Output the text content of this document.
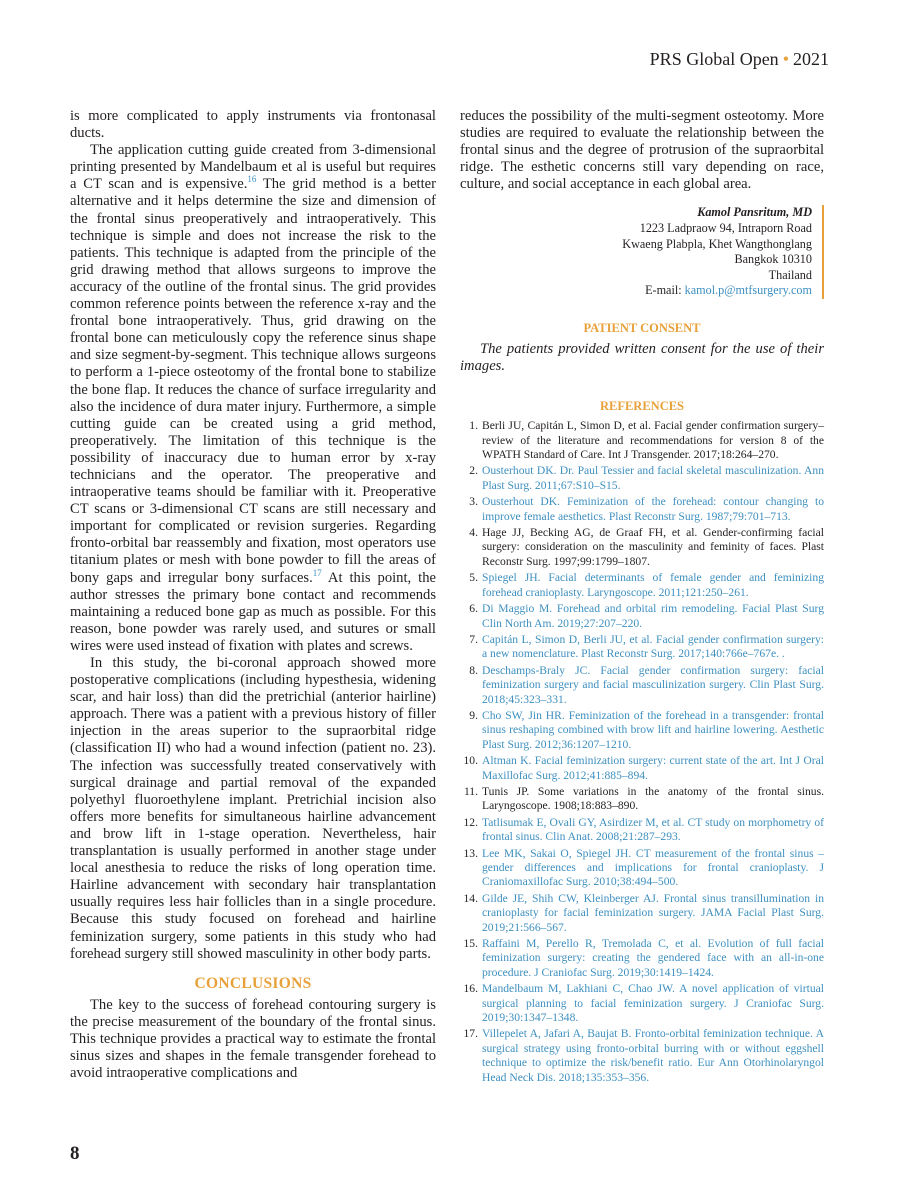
PRS Global Open • 2021

is more complicated to apply instruments via frontonasal ducts.

The application cutting guide created from 3-dimensional printing presented by Mandelbaum et al is useful but requires a CT scan and is expensive.$^{16}$ The grid method is a better alternative and it helps determine the size and dimension of the frontal sinus preoperatively and intraoperatively. This technique is simple and does not increase the risk to the patients. This technique is adapted from the principle of the grid drawing method that allows surgeons to improve the accuracy of the outline of the frontal sinus. The grid provides common reference points between the reference x-ray and the frontal bone intraoperatively. Thus, grid drawing on the frontal bone can meticulously copy the reference sinus shape and size segment-by-segment. This technique allows surgeons to perform a 1-piece osteotomy of the frontal bone to stabilize the bone flap. It reduces the chance of surface irregularity and also the incidence of dura mater injury. Furthermore, a simple cutting guide can be created using a grid method, preoperatively. The limitation of this technique is the possibility of inaccuracy due to human error by x-ray technicians and the operator. The preoperative and intraoperative teams should be familiar with it. Preoperative CT scans or 3-dimensional CT scans are still necessary and important for complicated or revision surgeries. Regarding fronto-orbital bar reassembly and fixation, most operators use titanium plates or mesh with bone powder to fill the areas of bony gaps and irregular bony surfaces.$^{17}$ At this point, the author stresses the primary bone contact and recommends maintaining a reduced bone gap as much as possible. For this reason, bone powder was rarely used, and sutures or small wires were used instead of fixation with plates and screws.

In this study, the bi-coronal approach showed more postoperative complications (including hypesthesia, widening scar, and hair loss) than did the pretrichial (anterior hairline) approach. There was a patient with a previous history of filler injection in the areas superior to the supraorbital ridge (classification II) who had a wound infection (patient no. 23). The infection was successfully treated conservatively with surgical drainage and partial removal of the expanded polyethyl fluoroethylene implant. Pretrichial incision also offers more benefits for simultaneous hairline advancement and brow lift in 1-stage operation. Nevertheless, hair transplantation is usually performed in another stage under local anesthesia to reduce the risks of long operation time. Hairline advancement with secondary hair transplantation usually requires less hair follicles than in a single procedure. Because this study focused on forehead and hairline feminization surgery, some patients in this study who had forehead surgery still showed masculinity in other body parts.

CONCLUSIONS

The key to the success of forehead contouring surgery is the precise measurement of the boundary of the frontal sinus. This technique provides a practical way to estimate the frontal sinus sizes and shapes in the female transgender forehead to avoid intraoperative complications and

reduces the possibility of the multi-segment osteotomy. More studies are required to evaluate the relationship between the frontal sinus and the degree of protrusion of the supraorbital ridge. The esthetic concerns still vary depending on race, culture, and social acceptance in each global area.

Kamol Pansritum, MD
1223 Ladpraow 94, Intraporn Road
Kwaeng Plabpla, Khet Wangthonglang
Bangkok 10310
Thailand
E-mail: kamol.p@mtfsurgery.com
PATIENT CONSENT

The patients provided written consent for the use of their images.

REFERENCES
1. Berli JU, Capitán L, Simon D, et al. Facial gender confirmation surgery–review of the literature and recommendations for version 8 of the WPATH Standard of Care. Int J Transgender. 2017;18:264–270.
2. Ousterhout DK. Dr. Paul Tessier and facial skeletal masculinization. Ann Plast Surg. 2011;67:S10–S15.
3. Ousterhout DK. Feminization of the forehead: contour changing to improve female aesthetics. Plast Reconstr Surg. 1987;79:701–713.
4. Hage JJ, Becking AG, de Graaf FH, et al. Gender-confirming facial surgery: consideration on the masculinity and feminity of faces. Plast Reconstr Surg. 1997;99:1799–1807.
5. Spiegel JH. Facial determinants of female gender and feminizing forehead cranioplasty. Laryngoscope. 2011;121:250–261.
6. Di Maggio M. Forehead and orbital rim remodeling. Facial Plast Surg Clin North Am. 2019;27:207–220.
7. Capitán L, Simon D, Berli JU, et al. Facial gender confirmation surgery: a new nomenclature. Plast Reconstr Surg. 2017;140:766e–767e. .
8. Deschamps-Braly JC. Facial gender confirmation surgery: facial feminization surgery and facial masculinization surgery. Clin Plast Surg. 2018;45:323–331.
9. Cho SW, Jin HR. Feminization of the forehead in a transgender: frontal sinus reshaping combined with brow lift and hairline lowering. Aesthetic Plast Surg. 2012;36:1207–1210.
10. Altman K. Facial feminization surgery: current state of the art. Int J Oral Maxillofac Surg. 2012;41:885–894.
11. Tunis JP. Some variations in the anatomy of the frontal sinus. Laryngoscope. 1908;18:883–890.
12. Tatlisumak E, Ovali GY, Asirdizer M, et al. CT study on morphometry of frontal sinus. Clin Anat. 2008;21:287–293.
13. Lee MK, Sakai O, Spiegel JH. CT measurement of the frontal sinus – gender differences and implications for frontal cranioplasty. J Craniomaxillofac Surg. 2010;38:494–500.
14. Gilde JE, Shih CW, Kleinberger AJ. Frontal sinus transillumination in cranioplasty for facial feminization surgery. JAMA Facial Plast Surg. 2019;21:566–567.
15. Raffaini M, Perello R, Tremolada C, et al. Evolution of full facial feminization surgery: creating the gendered face with an all-in-one procedure. J Craniofac Surg. 2019;30:1419–1424.
16. Mandelbaum M, Lakhiani C, Chao JW. A novel application of virtual surgical planning to facial feminization surgery. J Craniofac Surg. 2019;30:1347–1348.
17. Villepelet A, Jafari A, Baujat B. Fronto-orbital feminization technique. A surgical strategy using fronto-orbital burring with or without eggshell technique to optimize the risk/benefit ratio. Eur Ann Otorhinolaryngol Head Neck Dis. 2018;135:353–356.
8
